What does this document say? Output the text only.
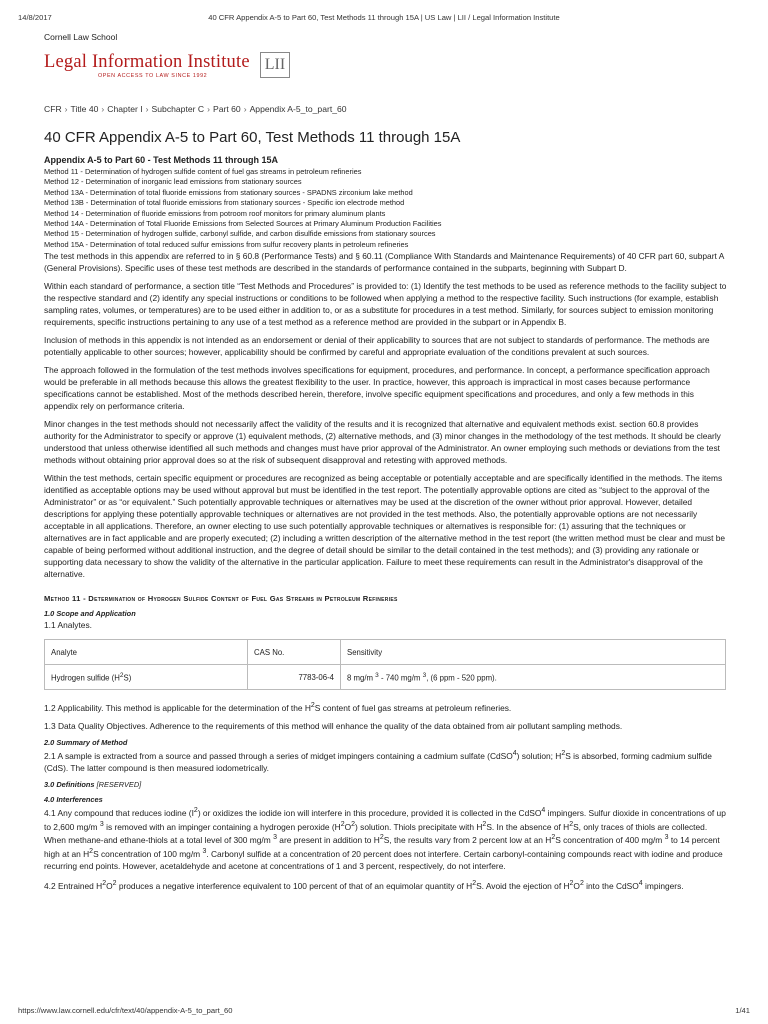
14/8/2017	40 CFR Appendix A-5 to Part 60, Test Methods 11 through 15A | US Law | LII / Legal Information Institute
Cornell Law School
Legal Information Institute
OPEN ACCESS TO LAW SINCE 1992
LII
CFR › Title 40 › Chapter I › Subchapter C › Part 60 › Appendix A-5_to_part_60
40 CFR Appendix A-5 to Part 60, Test Methods 11 through 15A
Appendix A-5 to Part 60 - Test Methods 11 through 15A
Method 11 - Determination of hydrogen sulfide content of fuel gas streams in petroleum refineries
Method 12 - Determination of inorganic lead emissions from stationary sources
Method 13A - Determination of total fluoride emissions from stationary sources - SPADNS zirconium lake method
Method 13B - Determination of total fluoride emissions from stationary sources - Specific ion electrode method
Method 14 - Determination of fluoride emissions from potroom roof monitors for primary aluminum plants
Method 14A - Determination of Total Fluoride Emissions from Selected Sources at Primary Aluminum Production Facilities
Method 15 - Determination of hydrogen sulfide, carbonyl sulfide, and carbon disulfide emissions from stationary sources
Method 15A - Determination of total reduced sulfur emissions from sulfur recovery plants in petroleum refineries

The test methods in this appendix are referred to in § 60.8 (Performance Tests) and § 60.11 (Compliance With Standards and Maintenance Requirements) of 40 CFR part 60, subpart A (General Provisions). Specific uses of these test methods are described in the standards of performance contained in the subparts, beginning with Subpart D.

Within each standard of performance, a section title “Test Methods and Procedures” is provided to: (1) Identify the test methods to be used as reference methods to the facility subject to the respective standard and (2) identify any special instructions or conditions to be followed when applying a method to the respective facility. Such instructions (for example, establish sampling rates, volumes, or temperatures) are to be used either in addition to, or as a substitute for procedures in a test method. Similarly, for sources subject to emission monitoring requirements, specific instructions pertaining to any use of a test method as a reference method are provided in the subpart or in Appendix B.

Inclusion of methods in this appendix is not intended as an endorsement or denial of their applicability to sources that are not subject to standards of performance. The methods are potentially applicable to other sources; however, applicability should be confirmed by careful and appropriate evaluation of the conditions prevalent at such sources.

The approach followed in the formulation of the test methods involves specifications for equipment, procedures, and performance. In concept, a performance specification approach would be preferable in all methods because this allows the greatest flexibility to the user. In practice, however, this approach is impractical in most cases because performance specifications cannot be established. Most of the methods described herein, therefore, involve specific equipment specifications and procedures, and only a few methods in this appendix rely on performance criteria.

Minor changes in the test methods should not necessarily affect the validity of the results and it is recognized that alternative and equivalent methods exist. section 60.8 provides authority for the Administrator to specify or approve (1) equivalent methods, (2) alternative methods, and (3) minor changes in the methodology of the test methods. It should be clearly understood that unless otherwise identified all such methods and changes must have prior approval of the Administrator. An owner employing such methods or deviations from the test methods without obtaining prior approval does so at the risk of subsequent disapproval and retesting with approved methods.

Within the test methods, certain specific equipment or procedures are recognized as being acceptable or potentially acceptable and are specifically identified in the methods. The items identified as acceptable options may be used without approval but must be identified in the test report. The potentially approvable options are cited as “subject to the approval of the Administrator” or as “or equivalent.” Such potentially approvable techniques or alternatives may be used at the discretion of the owner without prior approval. However, detailed descriptions for applying these potentially approvable techniques or alternatives are not provided in the test methods. Also, the potentially approvable options are not necessarily acceptable in all applications. Therefore, an owner electing to use such potentially approvable techniques or alternatives is responsible for: (1) assuring that the techniques or alternatives are in fact applicable and are properly executed; (2) including a written description of the alternative method in the test report (the written method must be clear and must be capable of being performed without additional instruction, and the degree of detail should be similar to the detail contained in the test methods); and (3) providing any rationale or supporting data necessary to show the validity of the alternative in the particular application. Failure to meet these requirements can result in the Administrator's disapproval of the alternative.

Method 11 - Determination of Hydrogen Sulfide Content of Fuel Gas Streams in Petroleum Refineries
1.0 Scope and Application

1.1 Analytes.

Analyte	CAS No.	Sensitivity
Hydrogen sulfide $(H^2S)$	7783-06-4	8 mg/m $^3$ - 740 mg/m $^3$, (6 ppm - 520 ppm).

1.2 Applicability. This method is applicable for the determination of the $H^2S$ content of fuel gas streams at petroleum refineries.

1.3 Data Quality Objectives. Adherence to the requirements of this method will enhance the quality of the data obtained from air pollutant sampling methods.

2.0 Summary of Method

2.1 A sample is extracted from a source and passed through a series of midget impingers containing a cadmium sulfate (CdSO$^4$) solution; $H^2S$ is absorbed, forming cadmium sulfide (CdS). The latter compound is then measured iodometrically.

3.0 Definitions [RESERVED]
4.0 Interferences

4.1 Any compound that reduces iodine $(I^2)$ or oxidizes the iodide ion will interfere in this procedure, provided it is collected in the CdSO$^4$ impingers. Sulfur dioxide in concentrations of up to 2,600 mg/m $^3$ is removed with an impinger containing a hydrogen peroxide $(H^2O^2)$ solution. Thiols precipitate with $H^2S$. In the absence of $H^2S$, only traces of thiols are collected. When methane-and ethane-thiols at a total level of 300 mg/m $^3$ are present in addition to $H^2S$, the results vary from 2 percent low at an $H^2S$ concentration of 400 mg/m $^3$ to 14 percent high at an $H^2S$ concentration of 100 mg/m $^3$. Carbonyl sulfide at a concentration of 20 percent does not interfere. Certain carbonyl-containing compounds react with iodine and produce recurring end points. However, acetaldehyde and acetone at concentrations of 1 and 3 percent, respectively, do not interfere.

4.2 Entrained $H^2O^2$ produces a negative interference equivalent to 100 percent of that of an equimolar quantity of $H^2S$. Avoid the ejection of $H^2O^2$ into the CdSO$^4$ impingers.

https://www.law.cornell.edu/cfr/text/40/appendix-A-5_to_part_60	1/41
